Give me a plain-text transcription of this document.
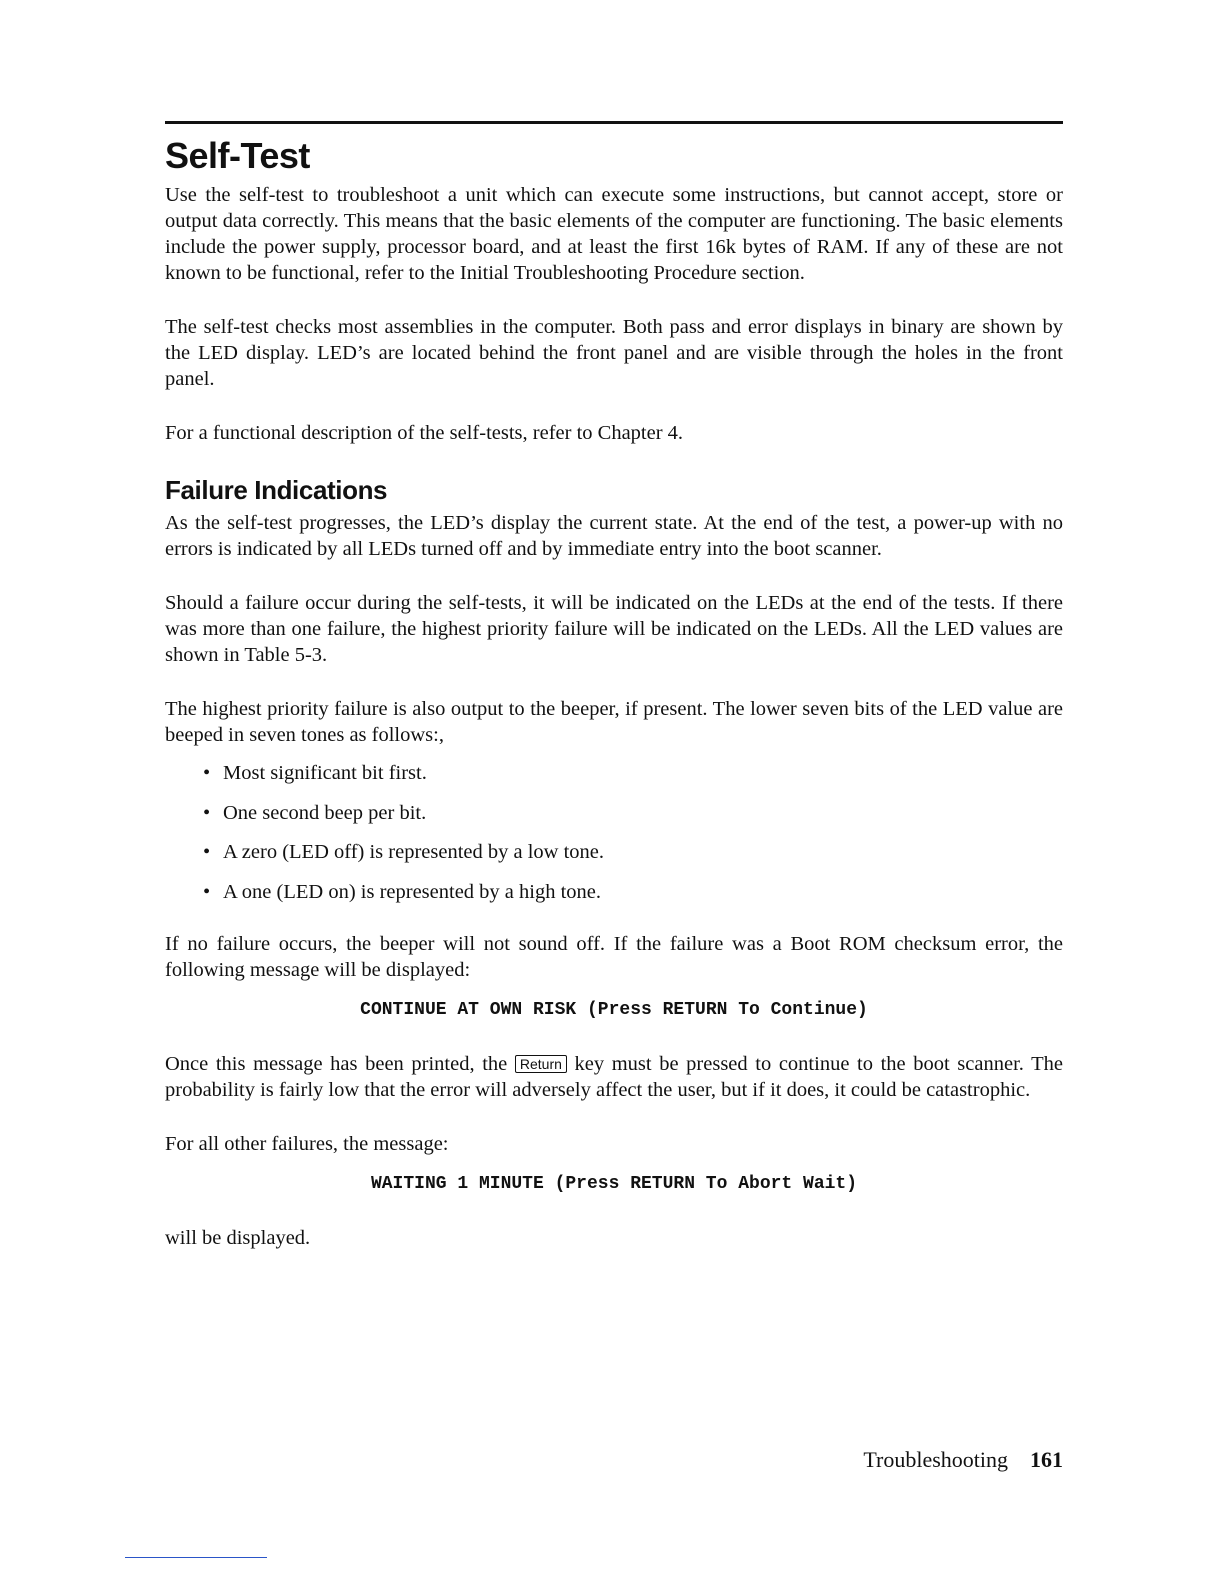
Self-Test

Use the self-test to troubleshoot a unit which can execute some instructions, but cannot accept, store or output data correctly. This means that the basic elements of the computer are functioning. The basic elements include the power supply, processor board, and at least the first 16k bytes of RAM. If any of these are not known to be functional, refer to the Initial Troubleshooting Procedure section.

The self-test checks most assemblies in the computer. Both pass and error displays in binary are shown by the LED display. LED’s are located behind the front panel and are visible through the holes in the front panel.

For a functional description of the self-tests, refer to Chapter 4.

Failure Indications

As the self-test progresses, the LED’s display the current state. At the end of the test, a power-up with no errors is indicated by all LEDs turned off and by immediate entry into the boot scanner.

Should a failure occur during the self-tests, it will be indicated on the LEDs at the end of the tests. If there was more than one failure, the highest priority failure will be indicated on the LEDs. All the LED values are shown in Table 5-3.

The highest priority failure is also output to the beeper, if present. The lower seven bits of the LED value are beeped in seven tones as follows:,

• Most significant bit first.
• One second beep per bit.
• A zero (LED off) is represented by a low tone.
• A one (LED on) is represented by a high tone.

If no failure occurs, the beeper will not sound off. If the failure was a Boot ROM checksum error, the following message will be displayed:

CONTINUE AT OWN RISK (Press RETURN To Continue)

Once this message has been printed, the Return key must be pressed to continue to the boot scanner. The probability is fairly low that the error will adversely affect the user, but if it does, it could be catastrophic.

For all other failures, the message:

WAITING 1 MINUTE (Press RETURN To Abort Wait)

will be displayed.

Troubleshooting 161
